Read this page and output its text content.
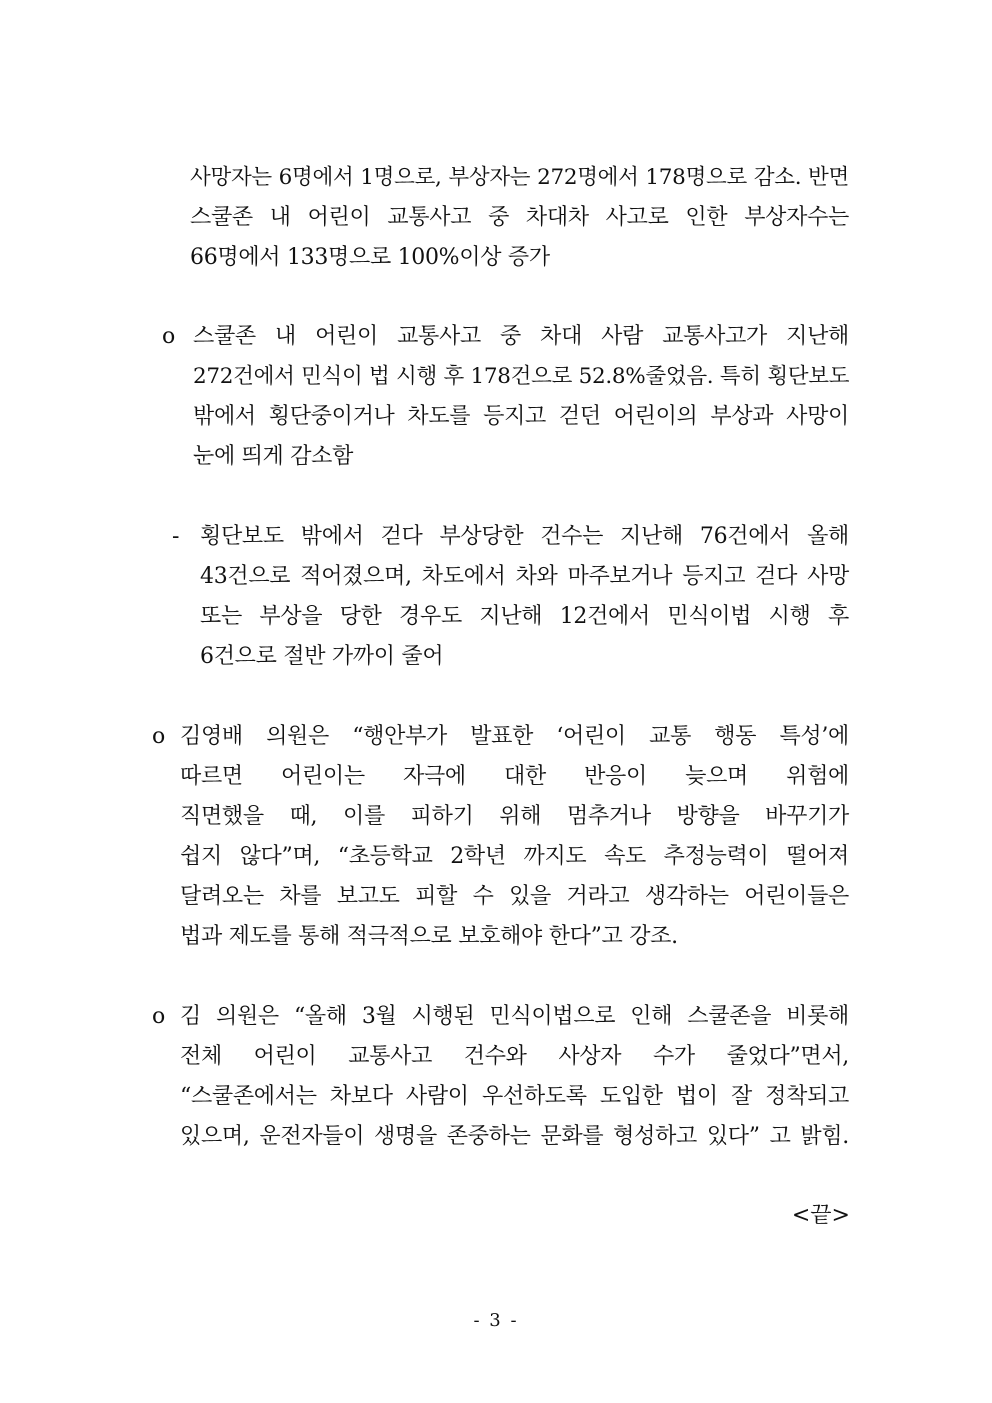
사망자는 6명에서 1명으로, 부상자는 272명에서 178명으로 감소. 반면
스쿨존 내 어린이 교통사고 중 차대차 사고로 인한 부상자수는
66명에서 133명으로 100%이상 증가
o 스쿨존 내 어린이 교통사고 중 차대 사람 교통사고가 지난해
272건에서 민식이 법 시행 후 178건으로 52.8%줄었음. 특히 횡단보도
밖에서 횡단중이거나 차도를 등지고 걷던 어린이의 부상과 사망이
눈에 띄게 감소함
- 횡단보도 밖에서 걷다 부상당한 건수는 지난해 76건에서 올해
43건으로 적어졌으며, 차도에서 차와 마주보거나 등지고 걷다 사망
또는 부상을 당한 경우도 지난해 12건에서 민식이법 시행 후
6건으로 절반 가까이 줄어
o 김영배 의원은 “행안부가 발표한 ‘어린이 교통 행동 특성’에
따르면 어린이는 자극에 대한 반응이 늦으며 위험에
직면했을 때, 이를 피하기 위해 멈추거나 방향을 바꾸기가
쉽지 않다”며, “초등학교 2학년 까지도 속도 추정능력이 떨어져
달려오는 차를 보고도 피할 수 있을 거라고 생각하는 어린이들은
법과 제도를 통해 적극적으로 보호해야 한다”고 강조.
o 김 의원은 “올해 3월 시행된 민식이법으로 인해 스쿨존을 비롯해
전체 어린이 교통사고 건수와 사상자 수가 줄었다”면서,
“스쿨존에서는 차보다 사람이 우선하도록 도입한 법이 잘 정착되고
있으며, 운전자들이 생명을 존중하는 문화를 형성하고 있다” 고 밝힘.
<끝>
- 3 -
